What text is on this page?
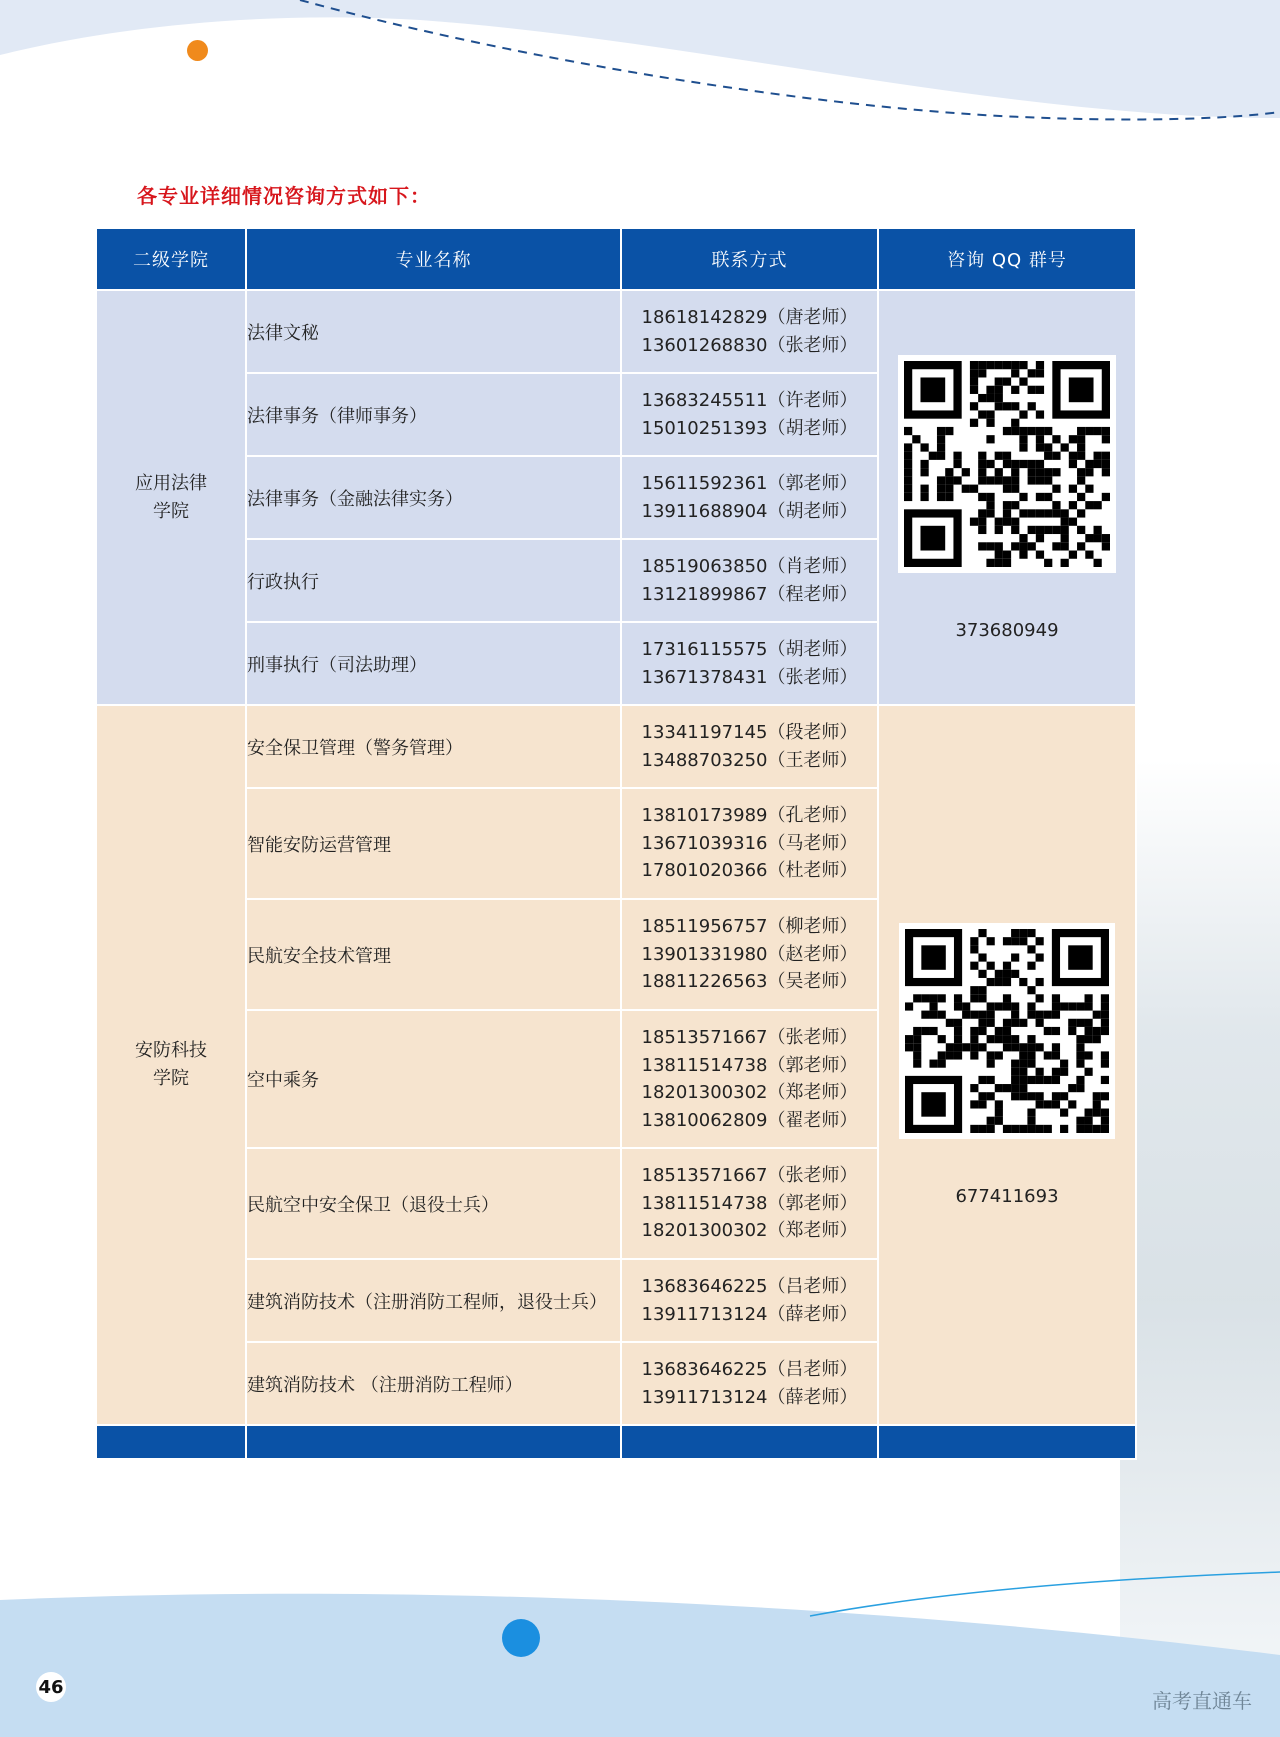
各专业详细情况咨询方式如下：
二级学院	专业名称	联系方式	咨询 QQ 群号

应用法律
学院	法律文秘	18618142829（唐老师）
13601268830（张老师）	373680949

	法律事务（律师事务）	13683245511（许老师）
15010251393（胡老师）	

	法律事务（金融法律实务）	15611592361（郭老师）
13911688904（胡老师）	

	行政执行	18519063850（肖老师）
13121899867（程老师）	

	刑事执行（司法助理）	17316115575（胡老师）
13671378431（张老师）	

安防科技
学院	安全保卫管理（警务管理）	13341197145（段老师）
13488703250（王老师）	677411693

	智能安防运营管理	13810173989（孔老师）
13671039316（马老师）
17801020366（杜老师）	

	民航安全技术管理	18511956757（柳老师）
13901331980（赵老师）
18811226563（吴老师）	

	空中乘务	18513571667（张老师）
13811514738（郭老师）
18201300302（郑老师）
13810062809（翟老师）	

	民航空中安全保卫（退役士兵）	18513571667（张老师）
13811514738（郭老师）
18201300302（郑老师）	

	建筑消防技术（注册消防工程师，退役士兵）	13683646225（吕老师）
13911713124（薛老师）	

	建筑消防技术 （注册消防工程师）	13683646225（吕老师）
13911713124（薛老师）	

46
高考直通车
